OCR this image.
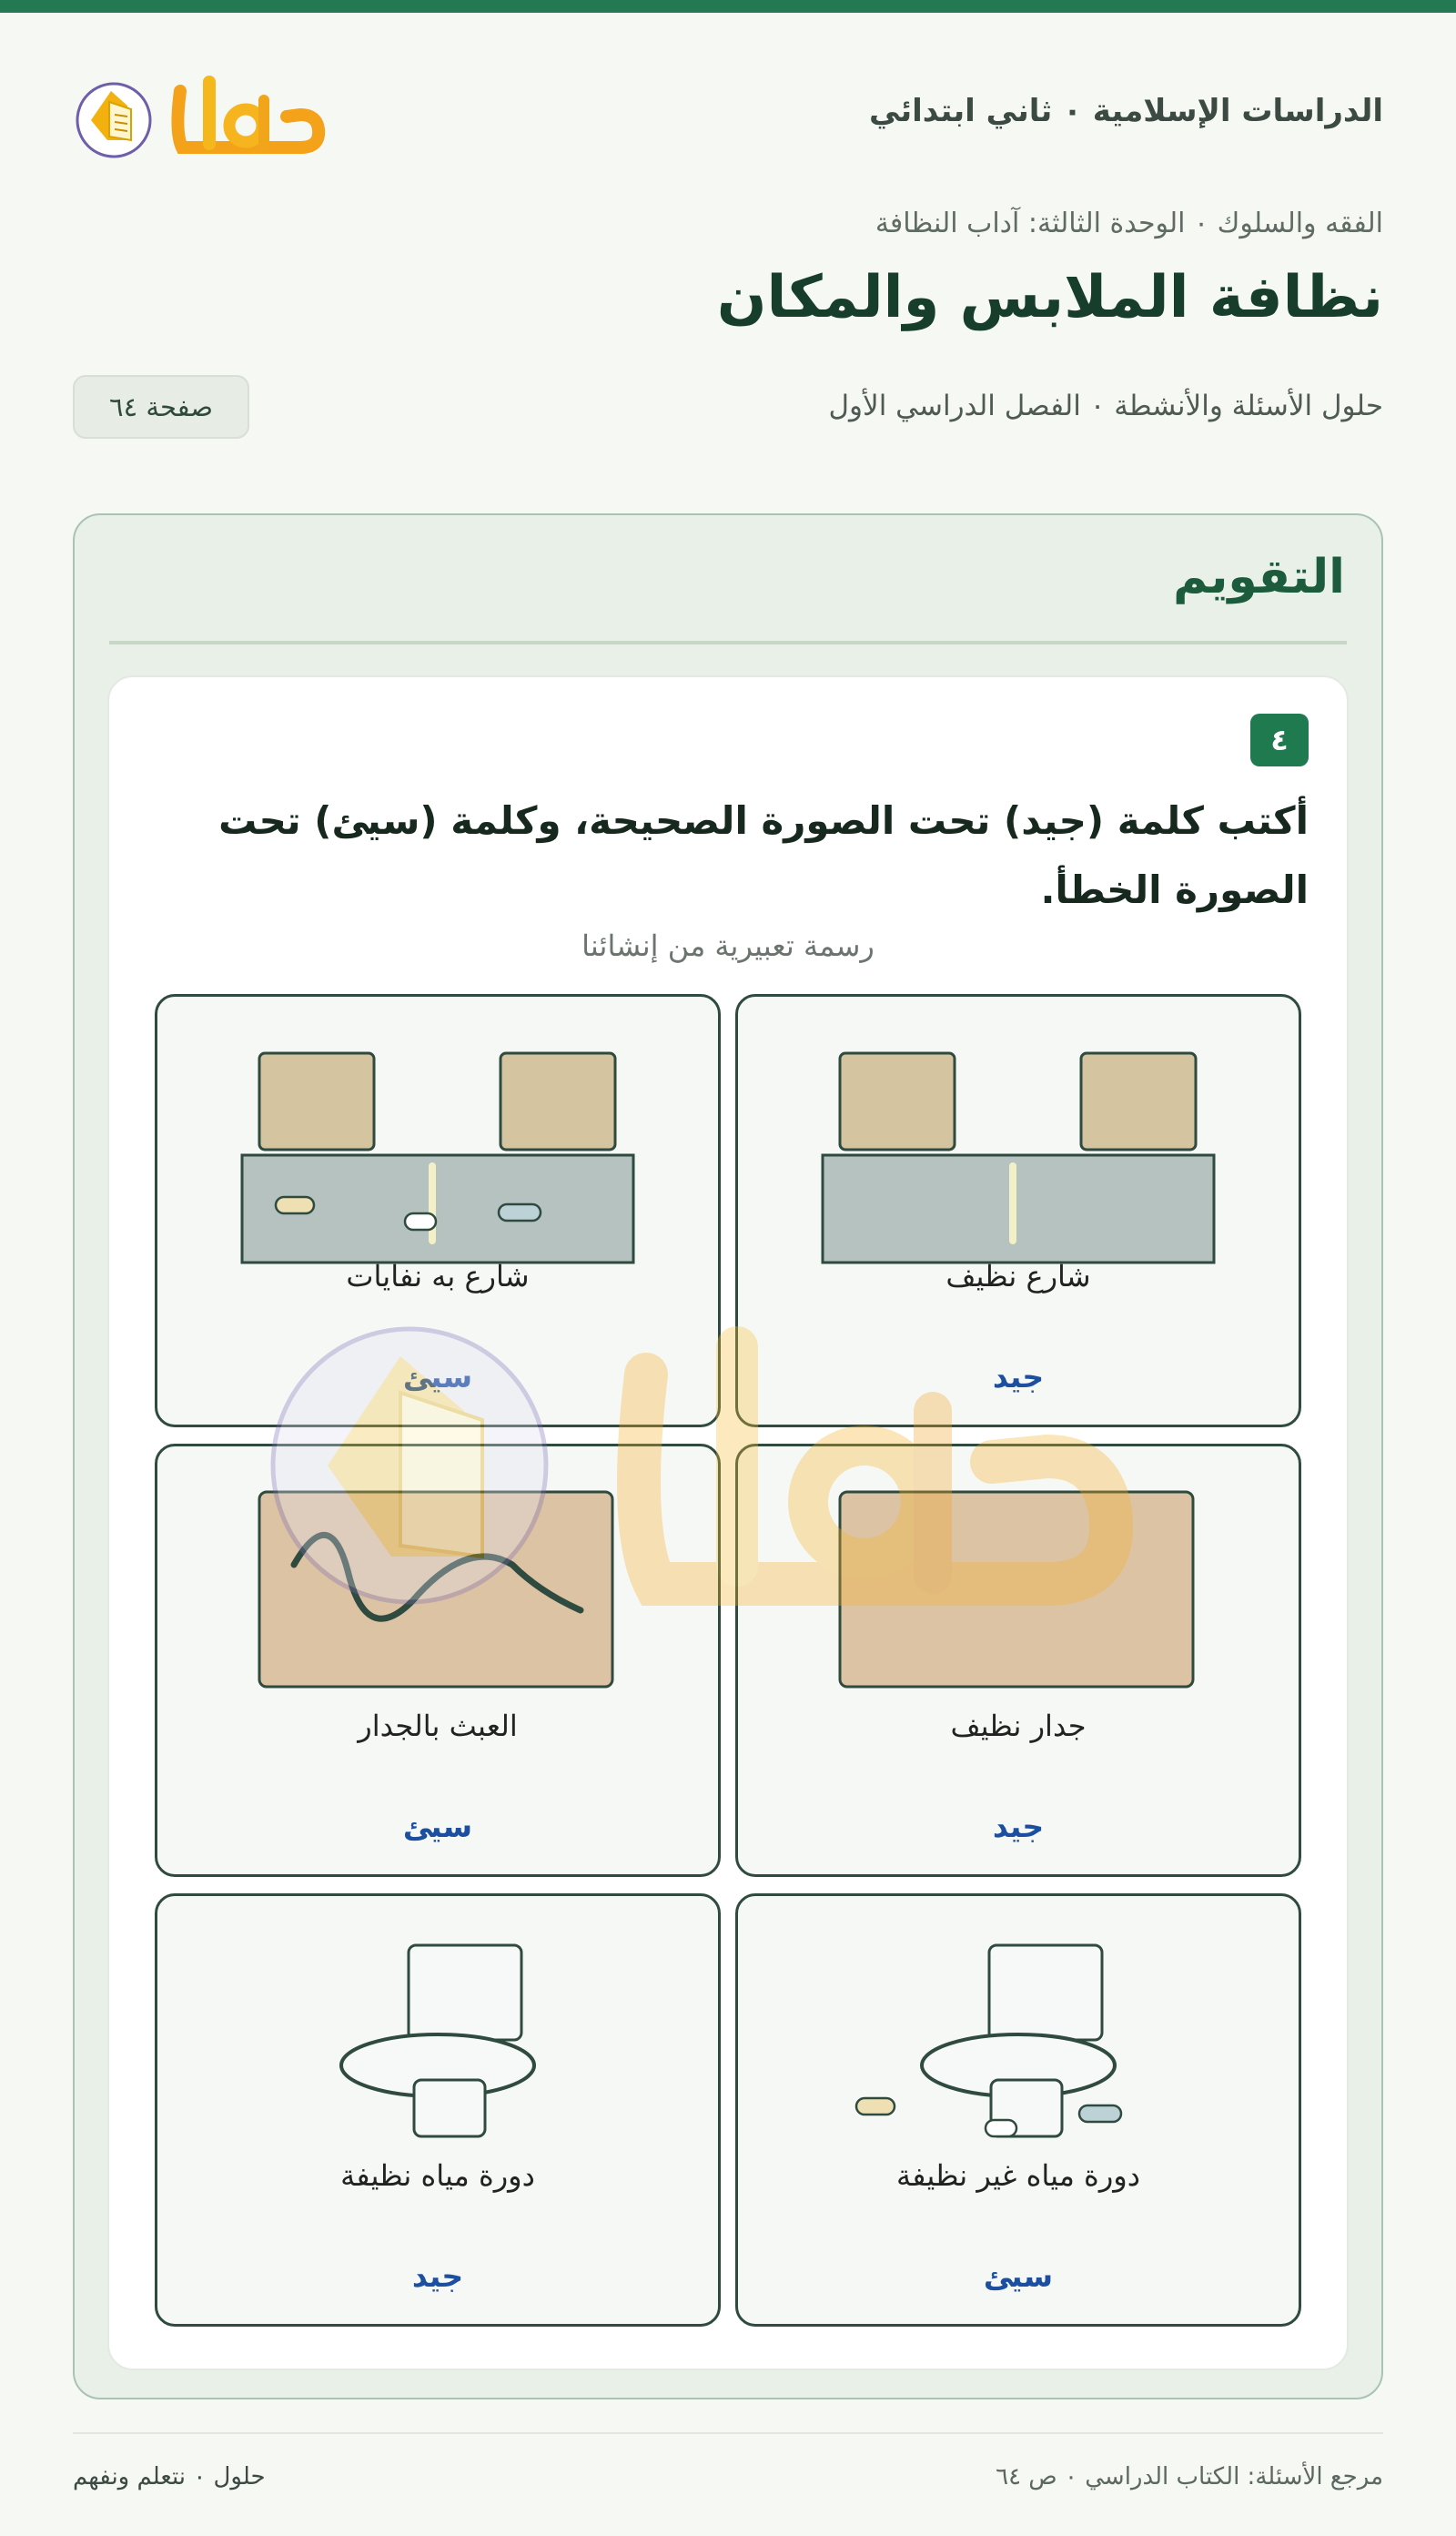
الدراسات الإسلامية ٠ ثاني ابتدائي
الفقه والسلوك ٠ الوحدة الثالثة: آداب النظافة
نظافة الملابس والمكان
حلول الأسئلة والأنشطة ٠ الفصل الدراسي الأول
صفحة ٦٤
التقويم
٤
أكتب كلمة (جيد) تحت الصورة الصحيحة، وكلمة (سيئ) تحت الصورة الخطأ.
رسمة تعبيرية من إنشائنا
شارع نظيف
جيد
شارع به نفايات
سيئ
جدار نظيف
جيد
العبث بالجدار
سيئ
دورة مياه غير نظيفة
سيئ
دورة مياه نظيفة
جيد
مرجع الأسئلة: الكتاب الدراسي ٠ ص ٦٤
حلول ٠ نتعلم ونفهم
